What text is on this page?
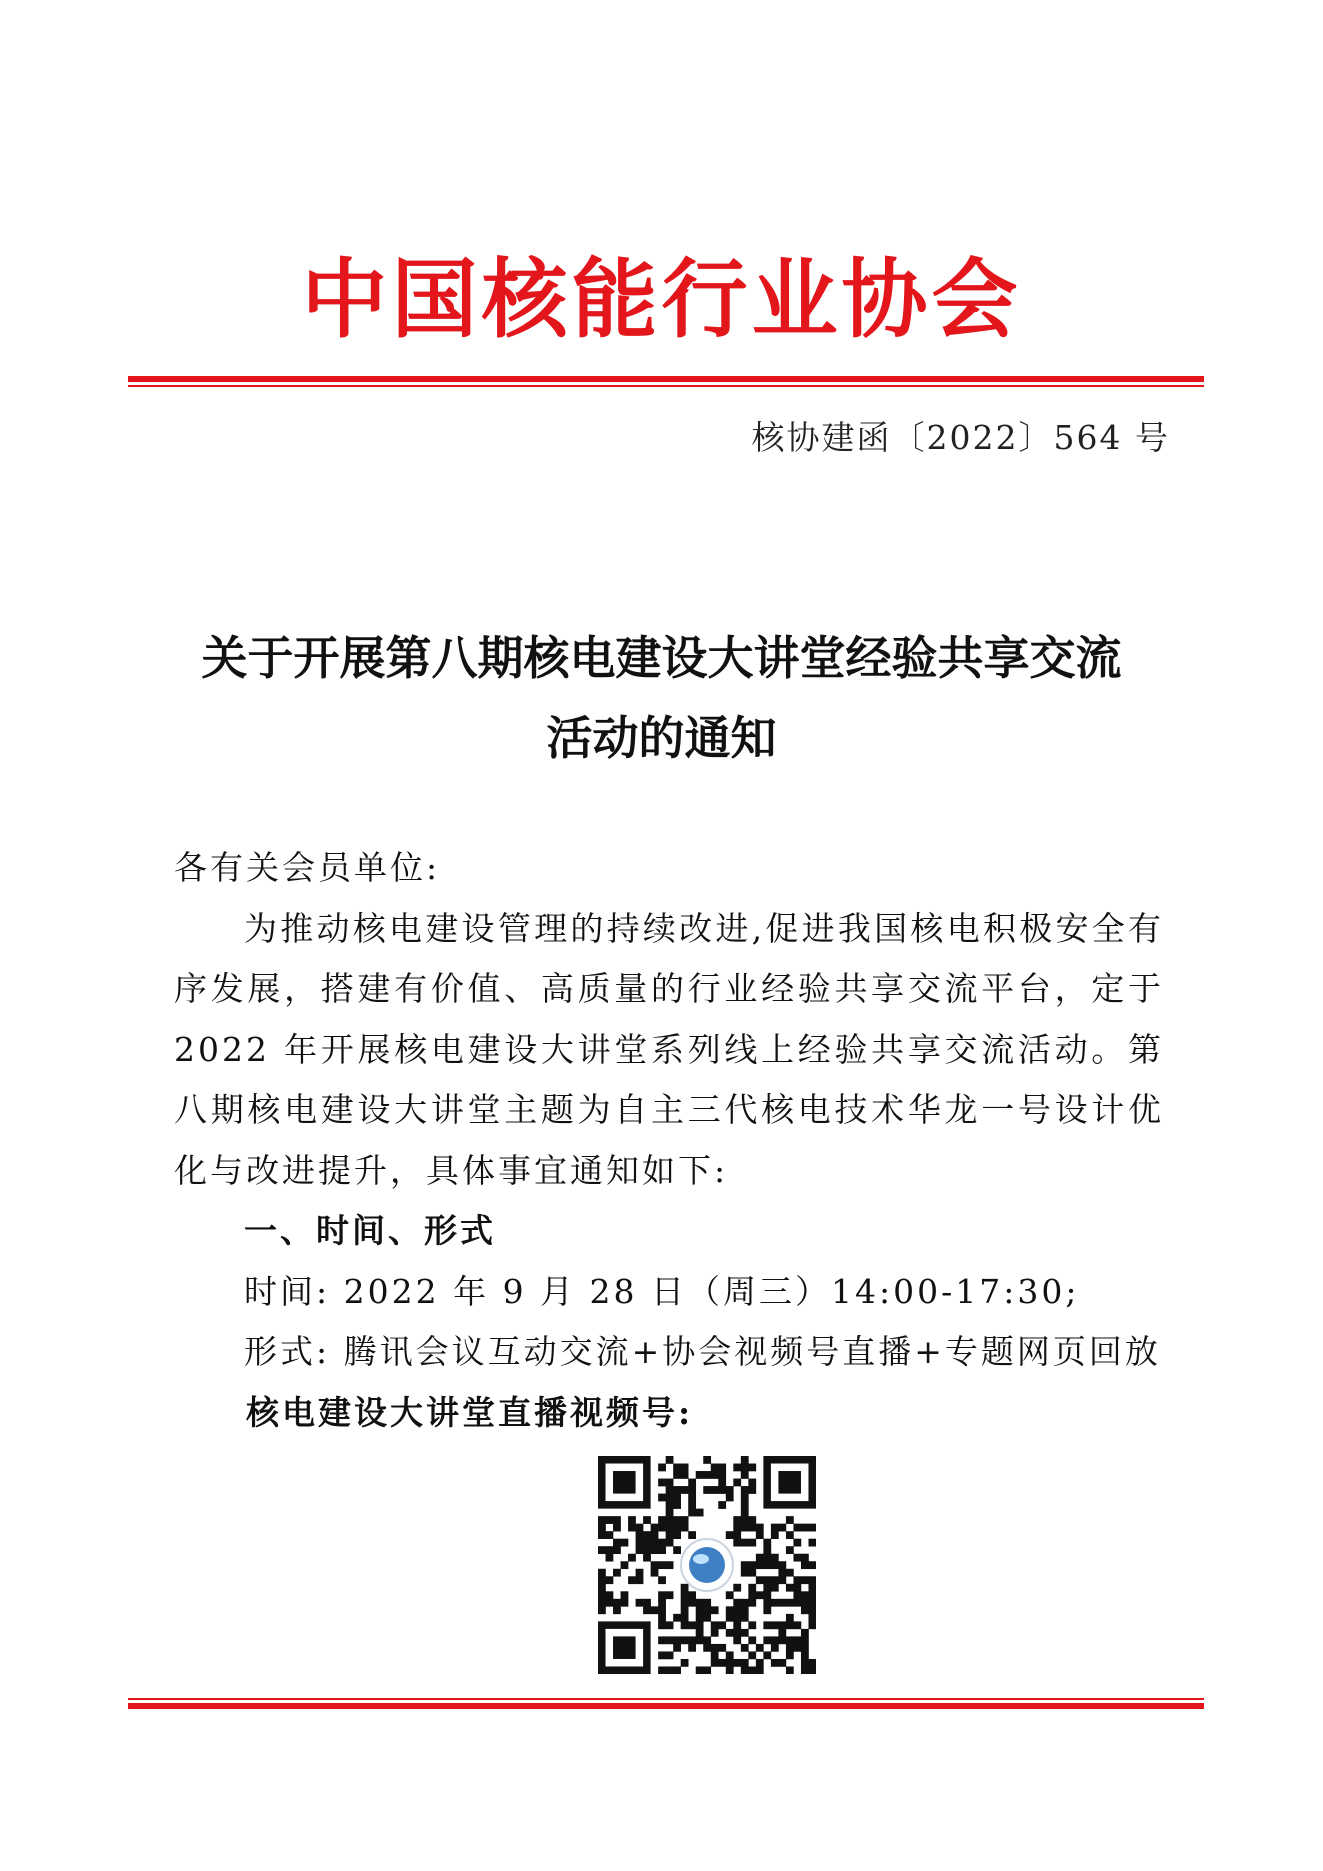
中国核能行业协会
核协建函〔2022〕564 号
关于开展第八期核电建设大讲堂经验共享交流
活动的通知

各有关会员单位:

为推动核电建设管理的持续改进,促进我国核电积极安全有序发展，搭建有价值、高质量的行业经验共享交流平台，定于 2022 年开展核电建设大讲堂系列线上经验共享交流活动。第八期核电建设大讲堂主题为自主三代核电技术华龙一号设计优化与改进提升，具体事宜通知如下:

一、时间、形式

时间: 2022 年 9 月 28 日（周三）14:00-17:30;

形式: 腾讯会议互动交流+协会视频号直播+专题网页回放

核电建设大讲堂直播视频号:
